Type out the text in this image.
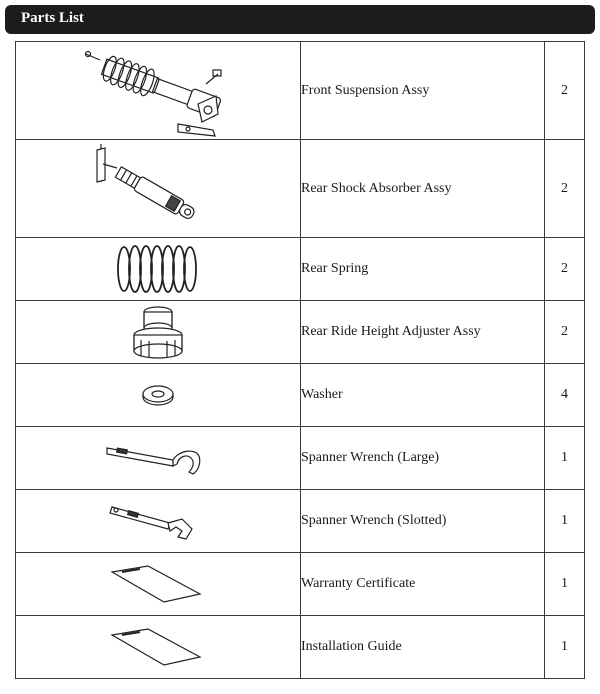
Parts List
	Front Suspension Assy	2

	Rear Shock Absorber Assy	2

	Rear Spring	2

	Rear Ride Height Adjuster Assy	2

	Washer	4

	Spanner Wrench (Large)	1

	Spanner Wrench (Slotted)	1

	Warranty Certificate	1

	Installation Guide	1
